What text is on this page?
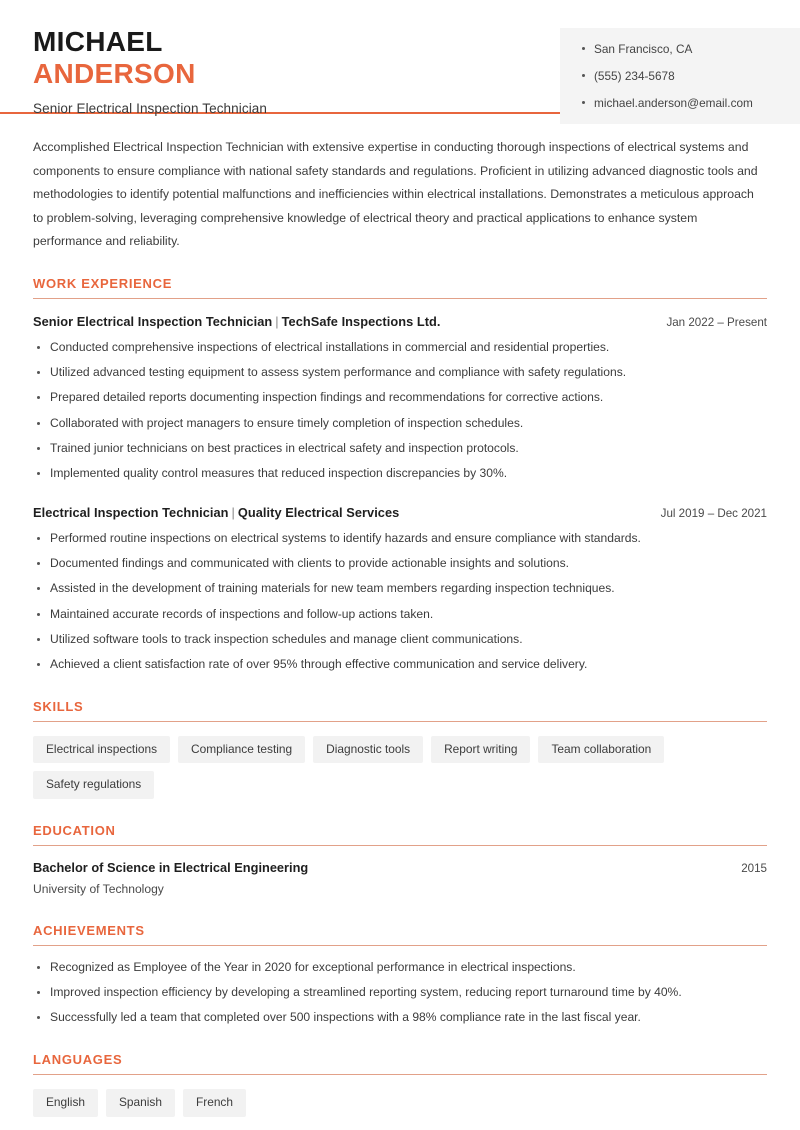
MICHAEL
ANDERSON
Senior Electrical Inspection Technician
San Francisco, CA
(555) 234-5678
michael.anderson@email.com
Accomplished Electrical Inspection Technician with extensive expertise in conducting thorough inspections of electrical systems and components to ensure compliance with national safety standards and regulations. Proficient in utilizing advanced diagnostic tools and methodologies to identify potential malfunctions and inefficiencies within electrical installations. Demonstrates a meticulous approach to problem-solving, leveraging comprehensive knowledge of electrical theory and practical applications to enhance system performance and reliability.
WORK EXPERIENCE
Senior Electrical Inspection Technician | TechSafe Inspections Ltd.	Jan 2022 – Present
Conducted comprehensive inspections of electrical installations in commercial and residential properties.
Utilized advanced testing equipment to assess system performance and compliance with safety regulations.
Prepared detailed reports documenting inspection findings and recommendations for corrective actions.
Collaborated with project managers to ensure timely completion of inspection schedules.
Trained junior technicians on best practices in electrical safety and inspection protocols.
Implemented quality control measures that reduced inspection discrepancies by 30%.
Electrical Inspection Technician | Quality Electrical Services	Jul 2019 – Dec 2021
Performed routine inspections on electrical systems to identify hazards and ensure compliance with standards.
Documented findings and communicated with clients to provide actionable insights and solutions.
Assisted in the development of training materials for new team members regarding inspection techniques.
Maintained accurate records of inspections and follow-up actions taken.
Utilized software tools to track inspection schedules and manage client communications.
Achieved a client satisfaction rate of over 95% through effective communication and service delivery.
SKILLS
Electrical inspections	Compliance testing	Diagnostic tools	Report writing	Team collaboration
Safety regulations
EDUCATION
Bachelor of Science in Electrical Engineering	2015
University of Technology
ACHIEVEMENTS
Recognized as Employee of the Year in 2020 for exceptional performance in electrical inspections.
Improved inspection efficiency by developing a streamlined reporting system, reducing report turnaround time by 40%.
Successfully led a team that completed over 500 inspections with a 98% compliance rate in the last fiscal year.
LANGUAGES
English	Spanish	French
